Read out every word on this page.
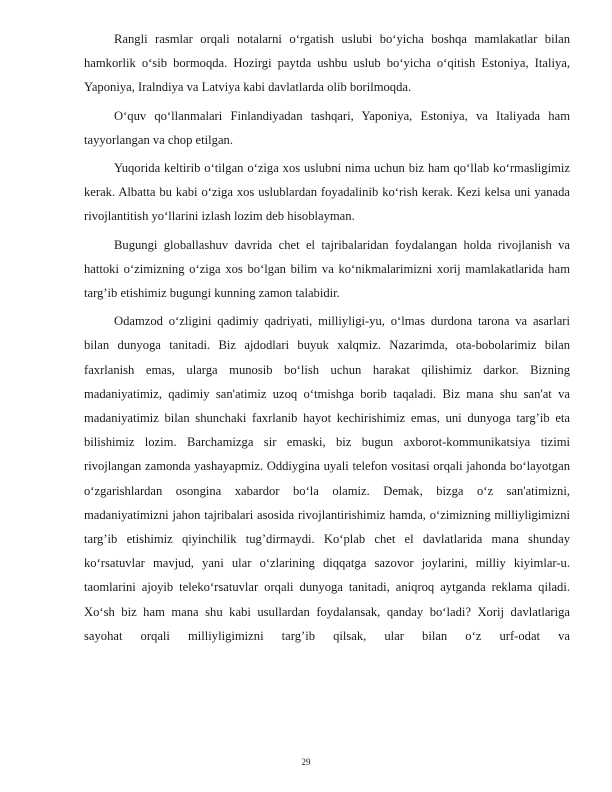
Rangli rasmlar orqali notalarni o‘rgatish uslubi bo‘yicha boshqa mamlakatlar bilan hamkorlik o‘sib bormoqda. Hozirgi paytda ushbu uslub bo‘yicha o‘qitish Estoniya, Italiya, Yaponiya, Iralndiya va Latviya kabi davlatlarda olib borilmoqda.

O‘quv qo‘llanmalari Finlandiyadan tashqari, Yaponiya, Estoniya, va Italiyada ham tayyorlangan va chop etilgan.

Yuqorida keltirib o‘tilgan o‘ziga xos uslubni nima uchun biz ham qo‘llab ko‘rmasligimiz kerak. Albatta bu kabi o‘ziga xos uslublardan foyadalinib ko‘rish kerak. Kezi kelsa uni yanada rivojlantitish yo‘llarini izlash lozim deb hisoblayman.

Bugungi globallashuv davrida chet el tajribalaridan foydalangan holda rivojlanish va hattoki o‘zimizning o‘ziga xos bo‘lgan bilim va ko‘nikmalarimizni xorij mamlakatlarida ham targ’ib etishimiz bugungi kunning zamon talabidir.

Odamzod o‘zligini qadimiy qadriyati, milliyligi-yu, o‘lmas durdona tarona va asarlari bilan dunyoga tanitadi. Biz ajdodlari buyuk xalqmiz. Nazarimda, ota-bobolarimiz bilan faxrlanish emas, ularga munosib bo‘lish uchun harakat qilishimiz darkor. Bizning madaniyatimiz, qadimiy san'atimiz uzoq o‘tmishga borib taqaladi. Biz mana shu san'at va madaniyatimiz bilan shunchaki faxrlanib hayot kechirishimiz emas, uni dunyoga targ’ib eta bilishimiz lozim. Barchamizga sir emaski, biz bugun axborot-kommunikatsiya tizimi rivojlangan zamonda yashayapmiz. Oddiygina uyali telefon vositasi orqali jahonda bo‘layotgan o‘zgarishlardan osongina xabardor bo‘la olamiz. Demak, bizga o‘z san'atimizni, madaniyatimizni jahon tajribalari asosida rivojlantirishimiz hamda, o‘zimizning milliyligimizni targ’ib etishimiz qiyinchilik tug’dirmaydi. Ko‘plab chet el davlatlarida mana shunday ko‘rsatuvlar mavjud, yani ular o‘zlarining diqqatga sazovor joylarini, milliy kiyimlar-u. taomlarini ajoyib teleko‘rsatuvlar orqali dunyoga tanitadi, aniqroq aytganda reklama qiladi. Xo‘sh biz ham mana shu kabi usullardan foydalansak, qanday bo‘ladi? Xorij davlatlariga sayohat orqali milliyligimizni targ’ib qilsak, ular bilan o‘z urf-odat va

29
